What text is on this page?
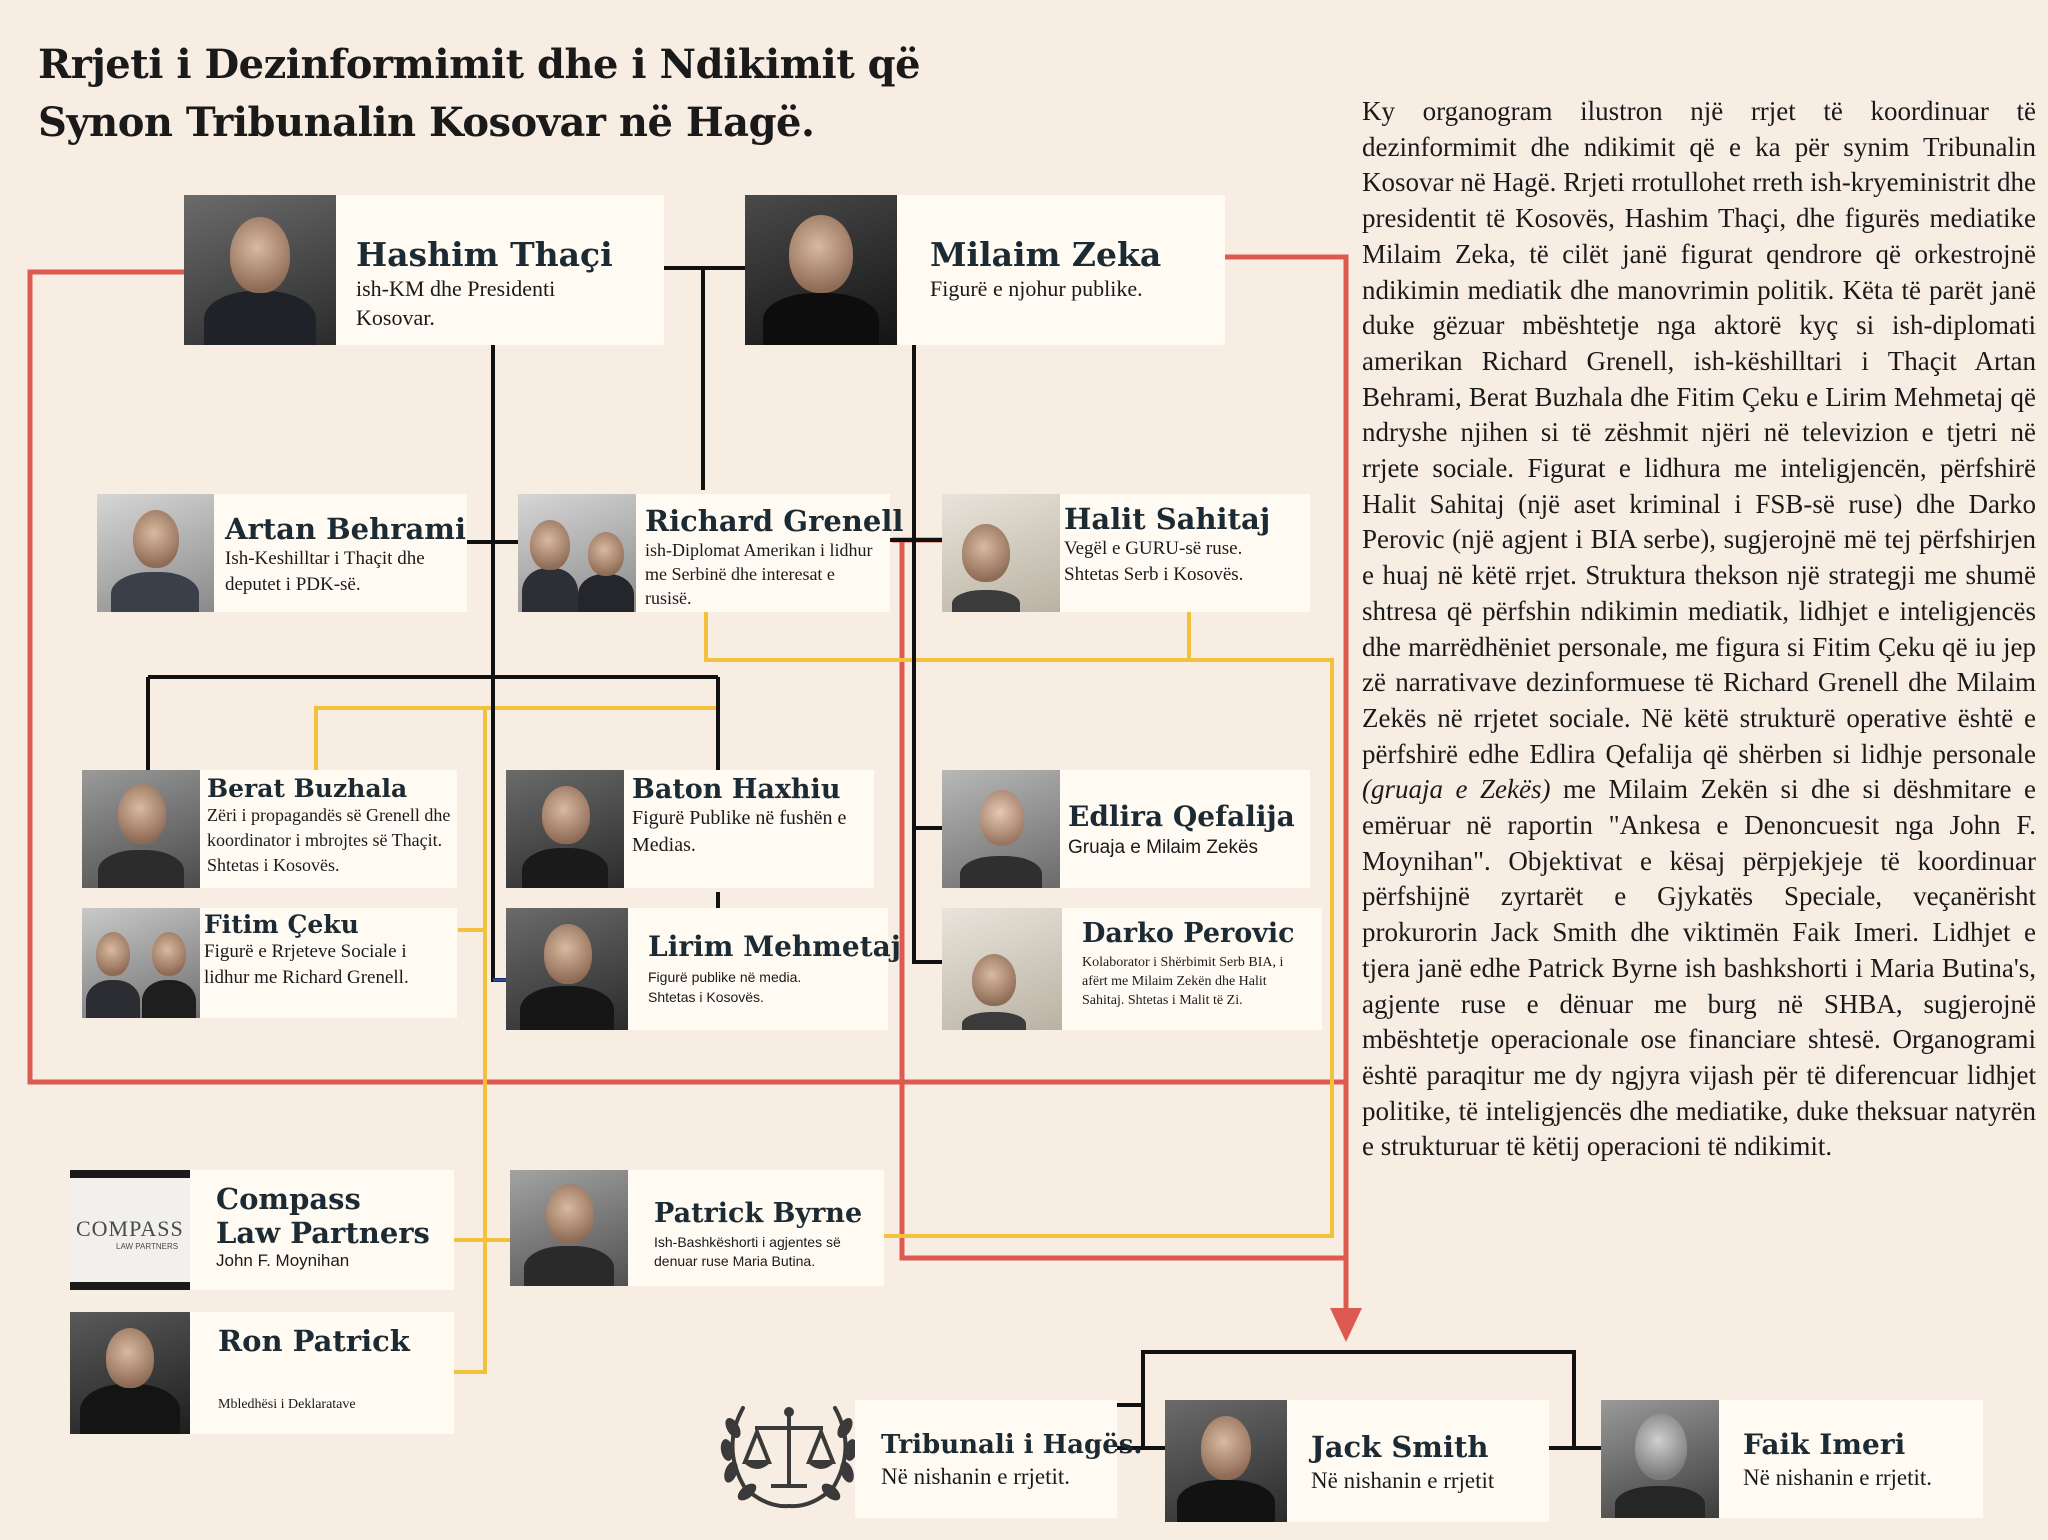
Rrjeti i Dezinformimit dhe i Ndikimit që Synon Tribunalin Kosovar në Hagë.	Ky organogram ilustron një rrjet të koordinuar të dezinformimit dhe ndikimit që e ka për synim Tribunalin Kosovar në Hagë. Rrjeti rrotullohet rreth ish-kryeministrit dhe presidentit të Kosovës, Hashim Thaçi, dhe figurës mediatike Milaim Zeka, të cilët janë figurat qendrore që orkestrojnë ndikimin mediatik dhe manovrimin politik. Këta të parët janë duke gëzuar mbështetje nga aktorë kyç si ish-diplomati amerikan Richard Grenell, ish-këshilltari i Thaçit Artan Behrami, Berat Buzhala dhe Fitim Çeku e Lirim Mehmetaj që ndryshe njihen si të zëshmit njëri në televizion e tjetri në rrjete sociale. Figurat e lidhura me inteligjencën, përfshirë Halit Sahitaj (një aset kriminal i FSB-së ruse) dhe Darko Perovic (një agjent i BIA serbe), sugjerojnë më tej përfshirjen e huaj në këtë rrjet. Struktura thekson një strategji me shumë shtresa që përfshin ndikimin mediatik, lidhjet e inteligjencës dhe marrëdhëniet personale, me figura si Fitim Çeku që iu jep zë narrativave dezinformuese të Richard Grenell dhe Milaim Zekës në rrjetet sociale. Në këtë strukturë operative është e përfshirë edhe Edlira Qefalija që shërben si lidhje personale (gruaja e Zekës) me Milaim Zekën si dhe si dëshmitare e emëruar në raportin "Ankesa e Denoncuesit nga John F. Moynihan". Objektivat e kësaj përpjekjeje të koordinuar përfshijnë zyrtarët e Gjykatës Speciale, veçanërisht prokurorin Jack Smith dhe viktimën Faik Imeri. Lidhjet e tjera janë edhe Patrick Byrne ish bashkshorti i Maria Butina's, agjente ruse e dënuar me burg në SHBA, sugjerojnë mbështetje operacionale ose financiare shtesë. Organogrami është paraqitur me dy ngjyra vijash për të diferencuar lidhjet politike, të inteligjencës dhe mediatike, duke theksuar natyrën e strukturuar të këtij operacioni të ndikimit.

Hashim Thaçi
ish-KM dhe Presidenti Kosovar.
Milaim Zeka
Figurë e njohur publike.
Artan Behrami
Ish-Keshilltar i Thaçit dhe deputet i PDK-së.
Richard Grenell
ish-Diplomat Amerikan i lidhur me Serbinë dhe interesat e rusisë.
Halit Sahitaj
Vegël e GURU-së ruse. Shtetas Serb i Kosovës.
Berat Buzhala
Zëri i propagandës së Grenell dhe koordinator i mbrojtes së Thaçit. Shtetas i Kosovës.
Baton Haxhiu
Figurë Publike në fushën e Medias.
Edlira Qefalija
Gruaja e Milaim Zekës
Fitim Çeku
Figurë e Rrjeteve Sociale i lidhur me Richard Grenell.
Lirim Mehmetaj
Figurë publike në media. Shtetas i Kosovës.
Darko Perovic
Kolaborator i Shërbimit Serb BIA, i afërt me Milaim Zekën dhe Halit Sahitaj. Shtetas i Malit të Zi.
COMPASS
LAW PARTNERS
Compass
Law Partners
John F. Moynihan
Patrick Byrne
Ish-Bashkëshorti i agjentes së denuar ruse Maria Butina.
Ron Patrick
Mbledhësi i Deklaratave
Tribunali i Hagës.
Në nishanin e rrjetit.
Jack Smith
Në nishanin e rrjetit
Faik Imeri
Në nishanin e rrjetit.
